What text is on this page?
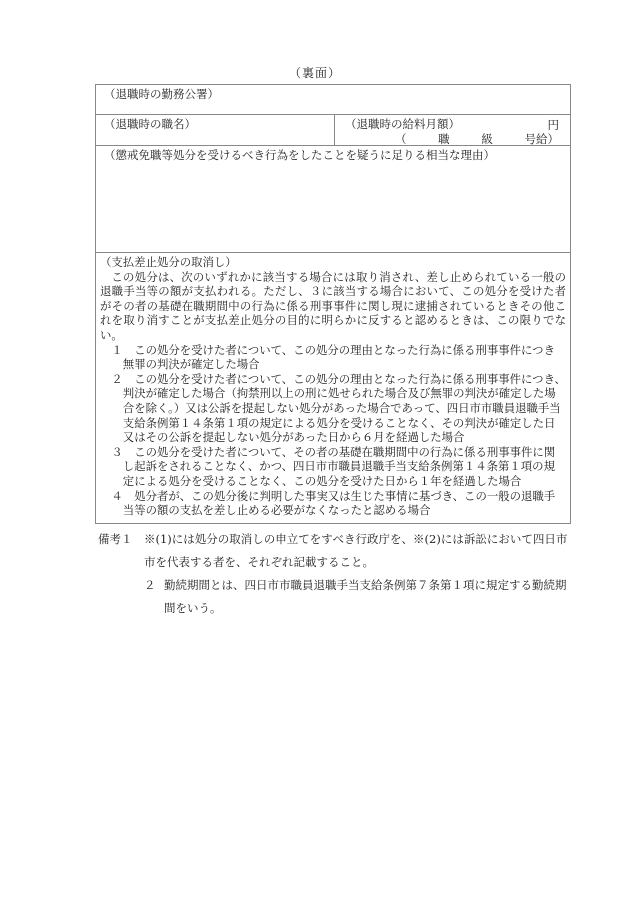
（裏面）
（退職時の勤務公署）
（退職時の職名）	（退職時の給料月額）	円
（	職	級	号給）
（懲戒免職等処分を受けるべき行為をしたことを疑うに足りる相当な理由）

（支払差止処分の取消し）

この処分は、次のいずれかに該当する場合には取り消され、差し止められている一般の退職手当等の額が支払われる。ただし、３に該当する場合において、この処分を受けた者がその者の基礎在職期間中の行為に係る刑事事件に関し現に逮捕されているときその他これを取り消すことが支払差止処分の目的に明らかに反すると認めるときは、この限りでない。

１　この処分を受けた者について、この処分の理由となった行為に係る刑事事件につき無罪の判決が確定した場合

２　この処分を受けた者について、この処分の理由となった行為に係る刑事事件につき、判決が確定した場合（拘禁刑以上の刑に処せられた場合及び無罪の判決が確定した場合を除く。）又は公訴を提起しない処分があった場合であって、四日市市職員退職手当支給条例第１４条第１項の規定による処分を受けることなく、その判決が確定した日又はその公訴を提起しない処分があった日から６月を経過した場合

３　この処分を受けた者について、その者の基礎在職期間中の行為に係る刑事事件に関し起訴をされることなく、かつ、四日市市職員退職手当支給条例第１４条第１項の規定による処分を受けることなく、この処分を受けた日から１年を経過した場合

４　処分者が、この処分後に判明した事実又は生じた事情に基づき、この一般の退職手当等の額の支払を差し止める必要がなくなったと認める場合

備考１	※(1)には処分の取消しの申立てをすべき行政庁を、※(2)には訴訟において四日市市を代表する者を、それぞれ記載すること。
２ 勤続期間とは、四日市市職員退職手当支給条例第７条第１項に規定する勤続期間をいう。
